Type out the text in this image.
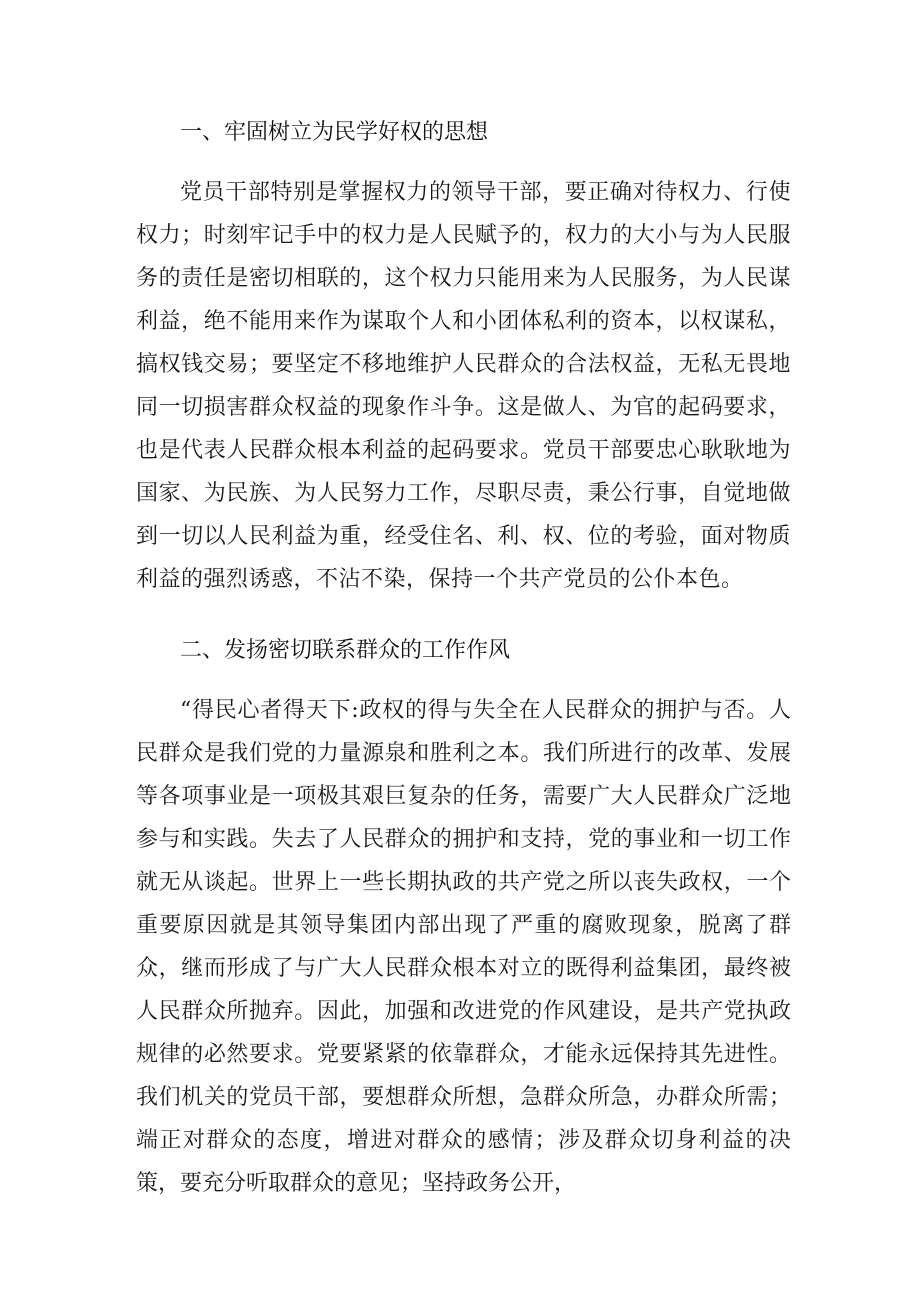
一、牢固树立为民学好权的思想

党员干部特别是掌握权力的领导干部，要正确对待权力、行使权力；时刻牢记手中的权力是人民赋予的，权力的大小与为人民服务的责任是密切相联的，这个权力只能用来为人民服务，为人民谋利益，绝不能用来作为谋取个人和小团体私利的资本，以权谋私，搞权钱交易；要坚定不移地维护人民群众的合法权益，无私无畏地同一切损害群众权益的现象作斗争。这是做人、为官的起码要求，也是代表人民群众根本利益的起码要求。党员干部要忠心耿耿地为国家、为民族、为人民努力工作，尽职尽责，秉公行事，自觉地做到一切以人民利益为重，经受住名、利、权、位的考验，面对物质利益的强烈诱惑，不沾不染，保持一个共产党员的公仆本色。

二、发扬密切联系群众的工作作风

“得民心者得天下:政权的得与失全在人民群众的拥护与否。人民群众是我们党的力量源泉和胜利之本。我们所进行的改革、发展等各项事业是一项极其艰巨复杂的任务，需要广大人民群众广泛地参与和实践。失去了人民群众的拥护和支持，党的事业和一切工作就无从谈起。世界上一些长期执政的共产党之所以丧失政权，一个重要原因就是其领导集团内部出现了严重的腐败现象，脱离了群众，继而形成了与广大人民群众根本对立的既得利益集团，最终被人民群众所抛弃。因此，加强和改进党的作风建设，是共产党执政规律的必然要求。党要紧紧的依靠群众，才能永远保持其先进性。我们机关的党员干部，要想群众所想，急群众所急，办群众所需；端正对群众的态度，增进对群众的感情；涉及群众切身利益的决策，要充分听取群众的意见；坚持政务公开，
